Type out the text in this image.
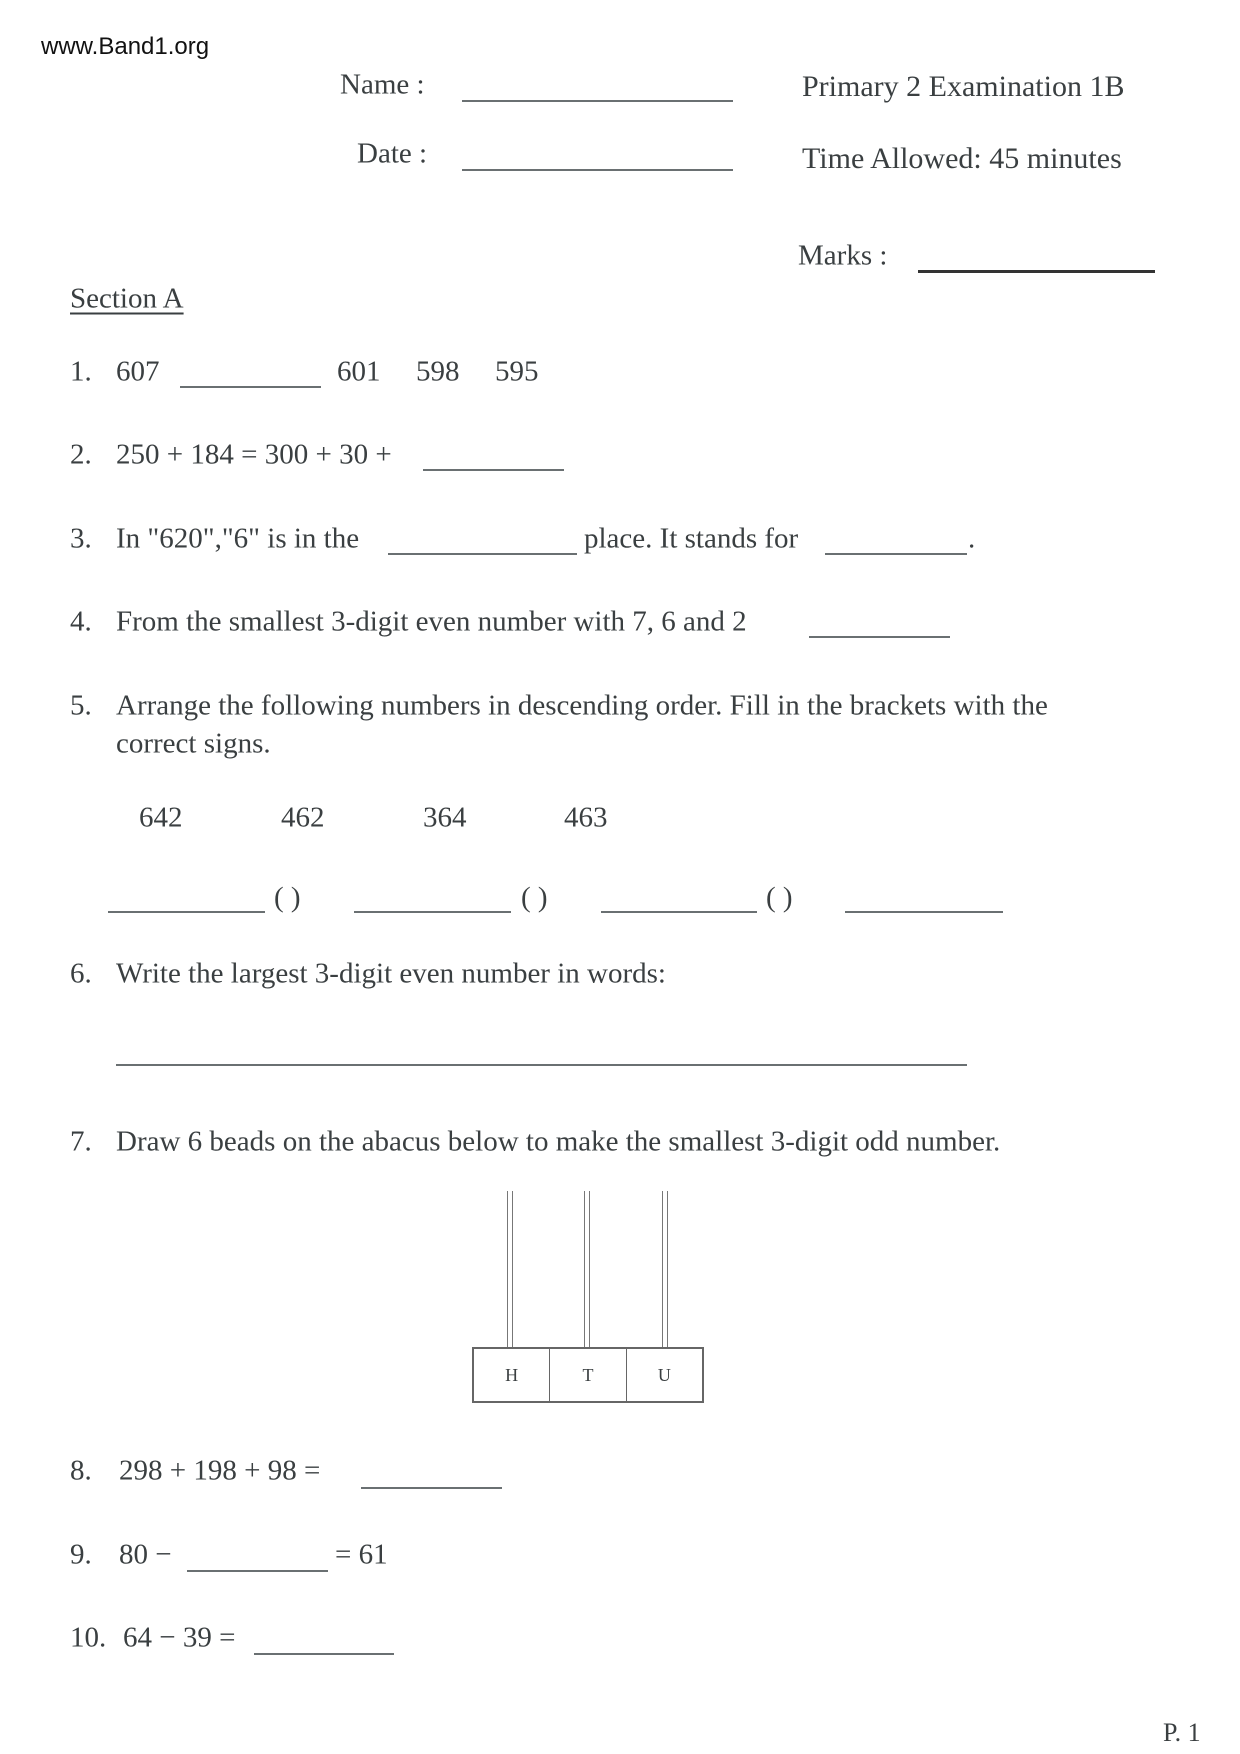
www.Band1.org
Name :
Date :
Primary 2 Examination 1B
Time Allowed: 45 minutes
Marks :
Section A
1. 607	601 598 595
2. 250 + 184 = 300 + 30 +
3. In "620","6" is in the	place. It stands for	.
4. From the smallest 3-digit even number with 7, 6 and 2
5. Arrange the following numbers in descending order. Fill in the brackets with the
correct signs.
642	462	364	463
( )	( )	( )
6. Write the largest 3-digit even number in words:
7. Draw 6 beads on the abacus below to make the smallest 3-digit odd number.
H	T	U
8. 298 + 198 + 98 =
9. 80 −	= 61
10. 64 − 39 =
P. 1
